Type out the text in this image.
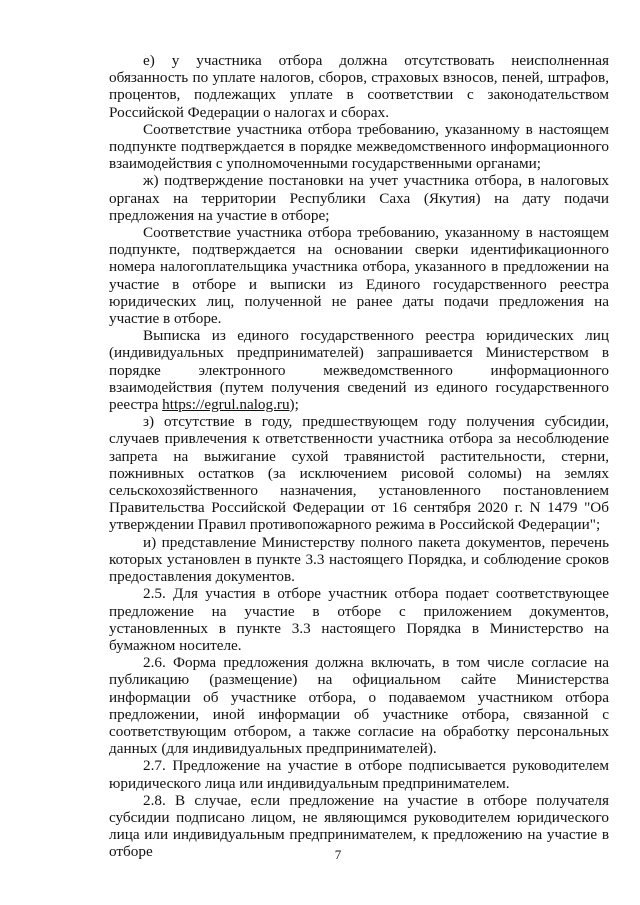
е) у участника отбора должна отсутствовать неисполненная обязанность по уплате налогов, сборов, страховых взносов, пеней, штрафов, процентов, подлежащих уплате в соответствии с законодательством Российской Федерации о налогах и сборах.

Соответствие участника отбора требованию, указанному в настоящем подпункте подтверждается в порядке межведомственного информационного взаимодействия с уполномоченными государственными органами;

ж) подтверждение постановки на учет участника отбора, в налоговых органах на территории Республики Саха (Якутия) на дату подачи предложения на участие в отборе;

Соответствие участника отбора требованию, указанному в настоящем подпункте, подтверждается на основании сверки идентификационного номера налогоплательщика участника отбора, указанного в предложении на участие в отборе и выписки из Единого государственного реестра юридических лиц, полученной не ранее даты подачи предложения на участие в отборе.

Выписка из единого государственного реестра юридических лиц (индивидуальных предпринимателей) запрашивается Министерством в порядке электронного межведомственного информационного взаимодействия (путем получения сведений из единого государственного реестра https://egrul.nalog.ru);

з) отсутствие в году, предшествующем году получения субсидии, случаев привлечения к ответственности участника отбора за несоблюдение запрета на выжигание сухой травянистой растительности, стерни, пожнивных остатков (за исключением рисовой соломы) на землях сельскохозяйственного назначения, установленного постановлением Правительства Российской Федерации от 16 сентября 2020 г. N 1479 "Об утверждении Правил противопожарного режима в Российской Федерации";

и) представление Министерству полного пакета документов, перечень которых установлен в пункте 3.3 настоящего Порядка, и соблюдение сроков предоставления документов.

2.5. Для участия в отборе участник отбора подает соответствующее предложение на участие в отборе с приложением документов, установленных в пункте 3.3 настоящего Порядка в Министерство на бумажном носителе.

2.6. Форма предложения должна включать, в том числе согласие на публикацию (размещение) на официальном сайте Министерства информации об участнике отбора, о подаваемом участником отбора предложении, иной информации об участнике отбора, связанной с соответствующим отбором, а также согласие на обработку персональных данных (для индивидуальных предпринимателей).

2.7. Предложение на участие в отборе подписывается руководителем юридического лица или индивидуальным предпринимателем.

2.8. В случае, если предложение на участие в отборе получателя субсидии подписано лицом, не являющимся руководителем юридического лица или индивидуальным предпринимателем, к предложению на участие в отборе	7
